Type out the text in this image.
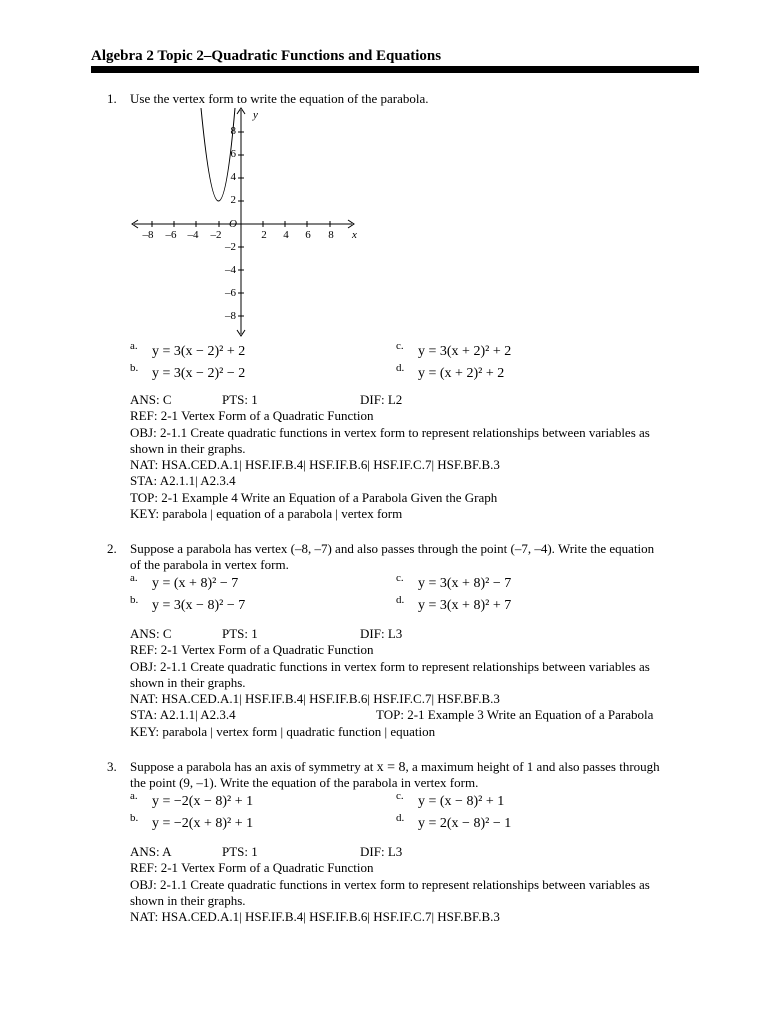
Algebra 2 Topic 2–Quadratic Functions and Equations
1. Use the vertex form to write the equation of the parabola.
–8 –6 –4 –2	2 4 6 8 x
y
O
8
6
4
2
–2
–4
–6
–8
a. y = 3(x − 2)² + 2
b. y = 3(x − 2)² − 2
c. y = 3(x + 2)² + 2
d. y = (x + 2)² + 2
ANS: C	PTS: 1	DIF: L2
REF: 2-1 Vertex Form of a Quadratic Function
OBJ: 2-1.1 Create quadratic functions in vertex form to represent relationships between variables as
shown in their graphs.
NAT: HSA.CED.A.1| HSF.IF.B.4| HSF.IF.B.6| HSF.IF.C.7| HSF.BF.B.3
STA: A2.1.1| A2.3.4
TOP: 2-1 Example 4 Write an Equation of a Parabola Given the Graph
KEY: parabola | equation of a parabola | vertex form
2. Suppose a parabola has vertex (–8, –7) and also passes through the point (–7, –4). Write the equation
of the parabola in vertex form.
a. y = (x + 8)² − 7
b. y = 3(x − 8)² − 7
c. y = 3(x + 8)² − 7
d. y = 3(x + 8)² + 7
ANS: C	PTS: 1	DIF: L3
REF: 2-1 Vertex Form of a Quadratic Function
OBJ: 2-1.1 Create quadratic functions in vertex form to represent relationships between variables as
shown in their graphs.
NAT: HSA.CED.A.1| HSF.IF.B.4| HSF.IF.B.6| HSF.IF.C.7| HSF.BF.B.3
STA: A2.1.1| A2.3.4	TOP: 2-1 Example 3 Write an Equation of a Parabola
KEY: parabola | vertex form | quadratic function | equation
3. Suppose a parabola has an axis of symmetry at x = 8, a maximum height of 1 and also passes through
the point (9, –1). Write the equation of the parabola in vertex form.
a. y = −2(x − 8)² + 1
b. y = −2(x + 8)² + 1
c. y = (x − 8)² + 1
d. y = 2(x − 8)² − 1
ANS: A	PTS: 1	DIF: L3
REF: 2-1 Vertex Form of a Quadratic Function
OBJ: 2-1.1 Create quadratic functions in vertex form to represent relationships between variables as
shown in their graphs.
NAT: HSA.CED.A.1| HSF.IF.B.4| HSF.IF.B.6| HSF.IF.C.7| HSF.BF.B.3
